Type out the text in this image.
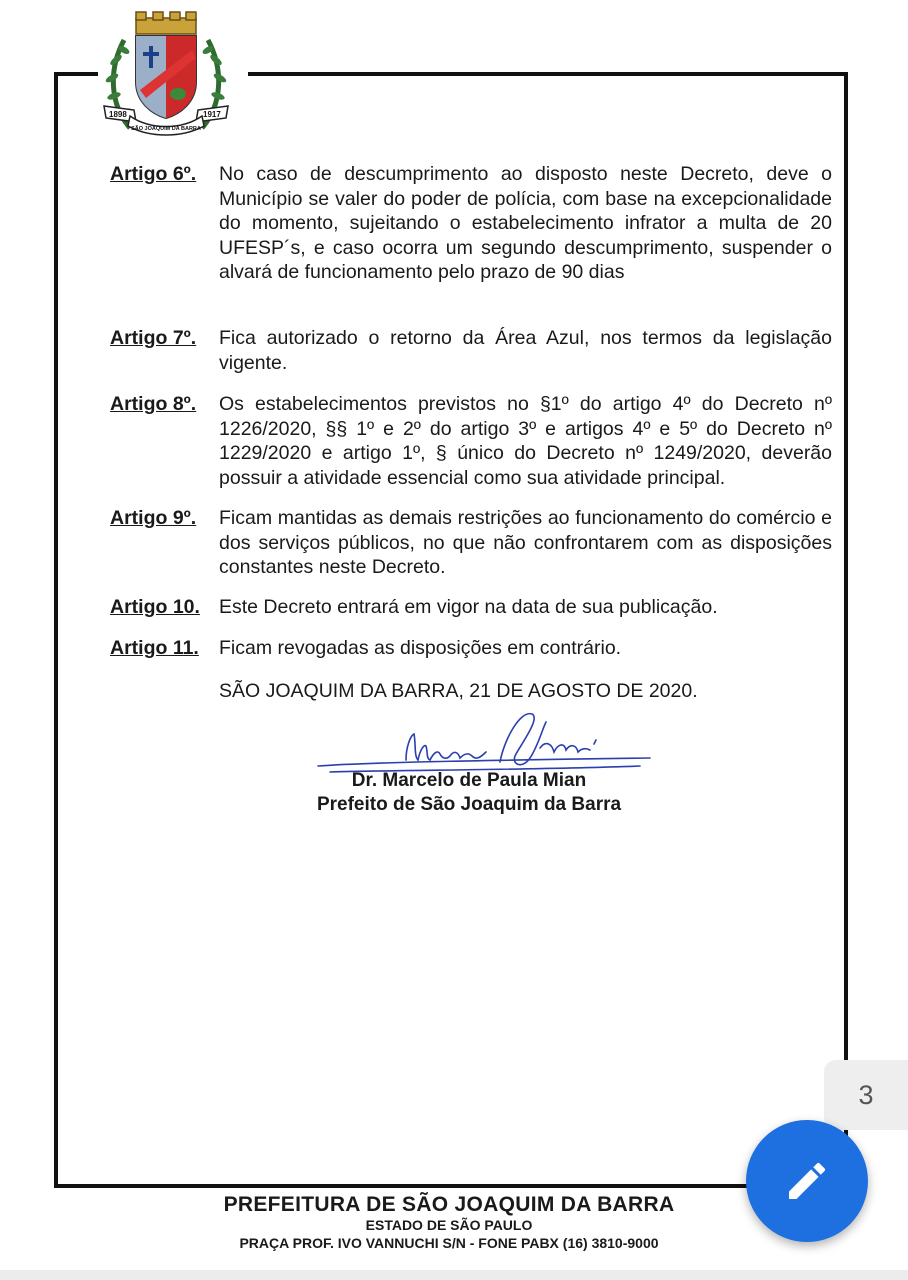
1898	1917
SÃO JOAQUIM DA BARRA
Artigo 6º. No caso de descumprimento ao disposto neste Decreto, deve o Município se valer do poder de polícia, com base na excepcionalidade do momento, sujeitando o estabelecimento infrator a multa de 20 UFESP´s, e caso ocorra um segundo descumprimento, suspender o alvará de funcionamento pelo prazo de 90 dias
Artigo 7º. Fica autorizado o retorno da Área Azul, nos termos da legislação vigente.
Artigo 8º. Os estabelecimentos previstos no §1º do artigo 4º do Decreto nº 1226/2020, §§ 1º e 2º do artigo 3º e artigos 4º e 5º do Decreto nº 1229/2020 e artigo 1º, § único do Decreto nº 1249/2020, deverão possuir a atividade essencial como sua atividade principal.
Artigo 9º. Ficam mantidas as demais restrições ao funcionamento do comércio e dos serviços públicos, no que não confrontarem com as disposições constantes neste Decreto.
Artigo 10. Este Decreto entrará em vigor na data de sua publicação.
Artigo 11. Ficam revogadas as disposições em contrário.
SÃO JOAQUIM DA BARRA, 21 DE AGOSTO DE 2020.
Dr. Marcelo de Paula Mian
Prefeito de São Joaquim da Barra
PREFEITURA DE SÃO JOAQUIM DA BARRA
ESTADO DE SÃO PAULO
PRAÇA PROF. IVO VANNUCHI S/N - FONE PABX (16) 3810-9000
3
